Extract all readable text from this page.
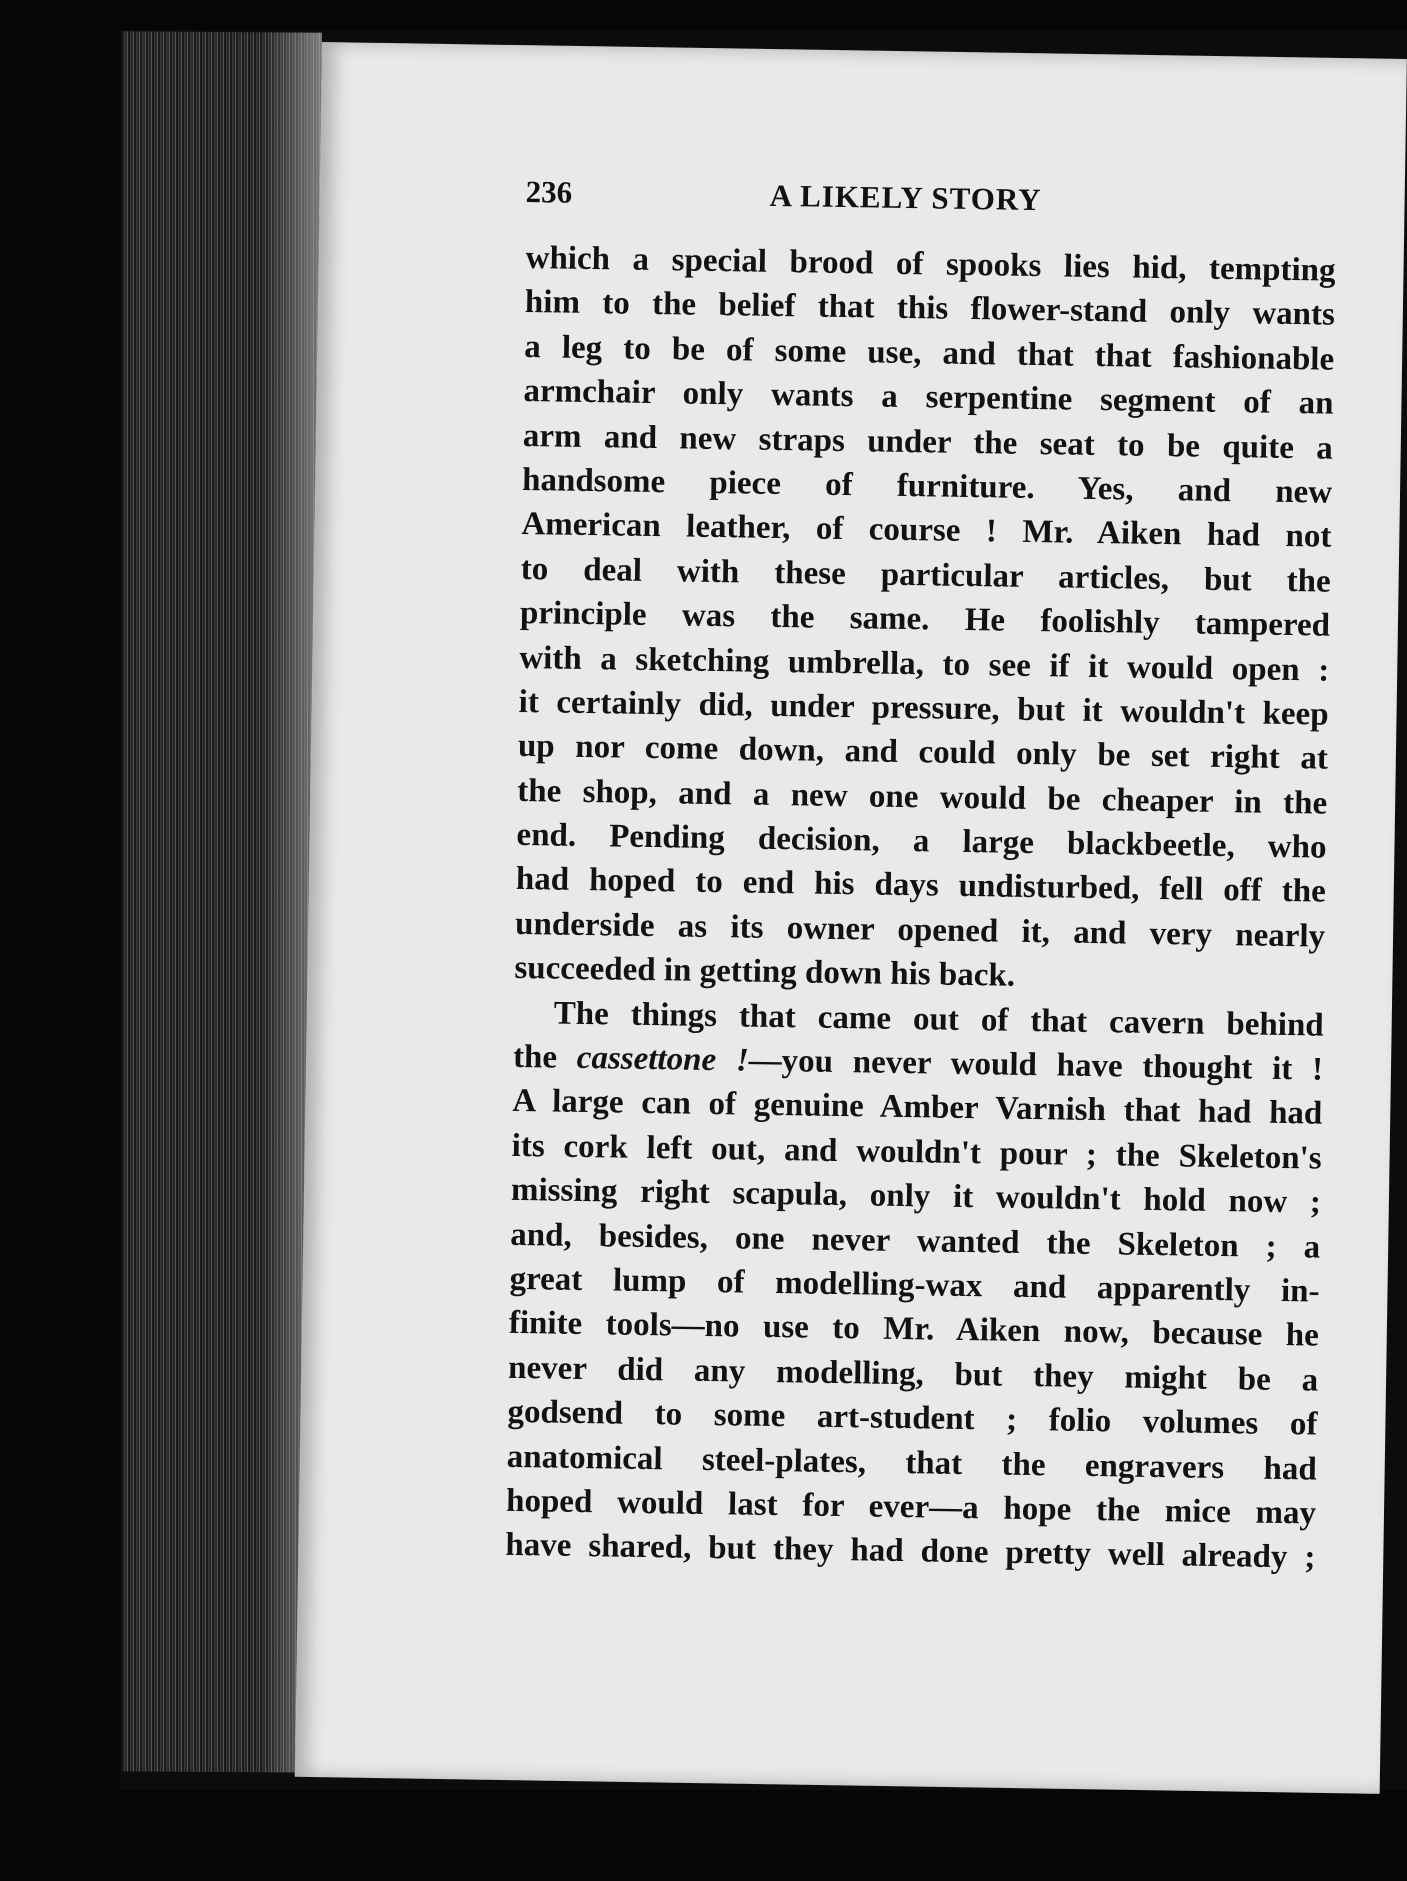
236	A LIKELY STORY
which a special brood of spooks lies hid, tempting
him to the belief that this flower-stand only wants
a leg to be of some use, and that that fashionable
armchair only wants a serpentine segment of an
arm and new straps under the seat to be quite a
handsome piece of furniture. Yes, and new
American leather, of course ! Mr. Aiken had not
to deal with these particular articles, but the
principle was the same. He foolishly tampered
with a sketching umbrella, to see if it would open :
it certainly did, under pressure, but it wouldn't keep
up nor come down, and could only be set right at
the shop, and a new one would be cheaper in the
end. Pending decision, a large blackbeetle, who
had hoped to end his days undisturbed, fell off the
underside as its owner opened it, and very nearly
succeeded in getting down his back.
The things that came out of that cavern behind
the cassettone !—you never would have thought it !
A large can of genuine Amber Varnish that had had
its cork left out, and wouldn't pour ; the Skeleton's
missing right scapula, only it wouldn't hold now ;
and, besides, one never wanted the Skeleton ; a
great lump of modelling-wax and apparently in-
finite tools—no use to Mr. Aiken now, because he
never did any modelling, but they might be a
godsend to some art-student ; folio volumes of
anatomical steel-plates, that the engravers had
hoped would last for ever—a hope the mice may
have shared, but they had done pretty well already ;
